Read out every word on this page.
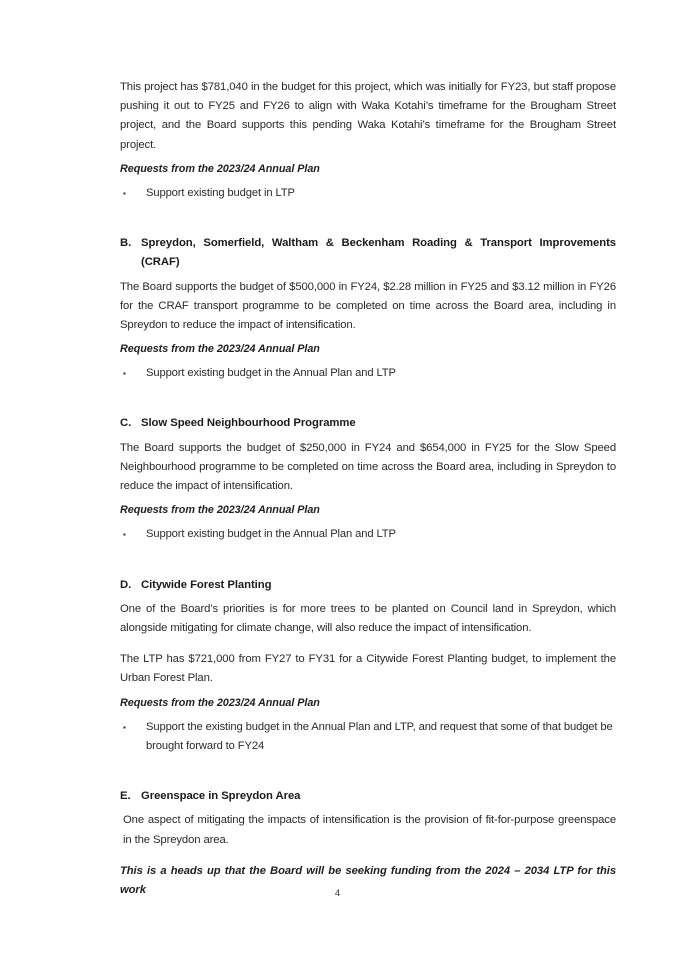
This project has $781,040 in the budget for this project, which was initially for FY23, but staff propose pushing it out to FY25 and FY26 to align with Waka Kotahi’s timeframe for the Brougham Street project, and the Board supports this pending Waka Kotahi’s timeframe for the Brougham Street project.

Requests from the 2023/24 Annual Plan
▪ Support existing budget in LTP
B. Spreydon, Somerfield, Waltham & Beckenham Roading & Transport Improvements (CRAF)

The Board supports the budget of $500,000 in FY24, $2.28 million in FY25 and $3.12 million in FY26 for the CRAF transport programme to be completed on time across the Board area, including in Spreydon to reduce the impact of intensification.

Requests from the 2023/24 Annual Plan
▪ Support existing budget in the Annual Plan and LTP
C. Slow Speed Neighbourhood Programme

The Board supports the budget of $250,000 in FY24 and $654,000 in FY25 for the Slow Speed Neighbourhood programme to be completed on time across the Board area, including in Spreydon to reduce the impact of intensification.

Requests from the 2023/24 Annual Plan
▪ Support existing budget in the Annual Plan and LTP
D. Citywide Forest Planting

One of the Board’s priorities is for more trees to be planted on Council land in Spreydon, which alongside mitigating for climate change, will also reduce the impact of intensification.

The LTP has $721,000 from FY27 to FY31 for a Citywide Forest Planting budget, to implement the Urban Forest Plan.

Requests from the 2023/24 Annual Plan
▪ Support the existing budget in the Annual Plan and LTP, and request that some of that budget be brought forward to FY24
E. Greenspace in Spreydon Area

One aspect of mitigating the impacts of intensification is the provision of fit-for-purpose greenspace in the Spreydon area.

This is a heads up that the Board will be seeking funding from the 2024 – 2034 LTP for this work	4
